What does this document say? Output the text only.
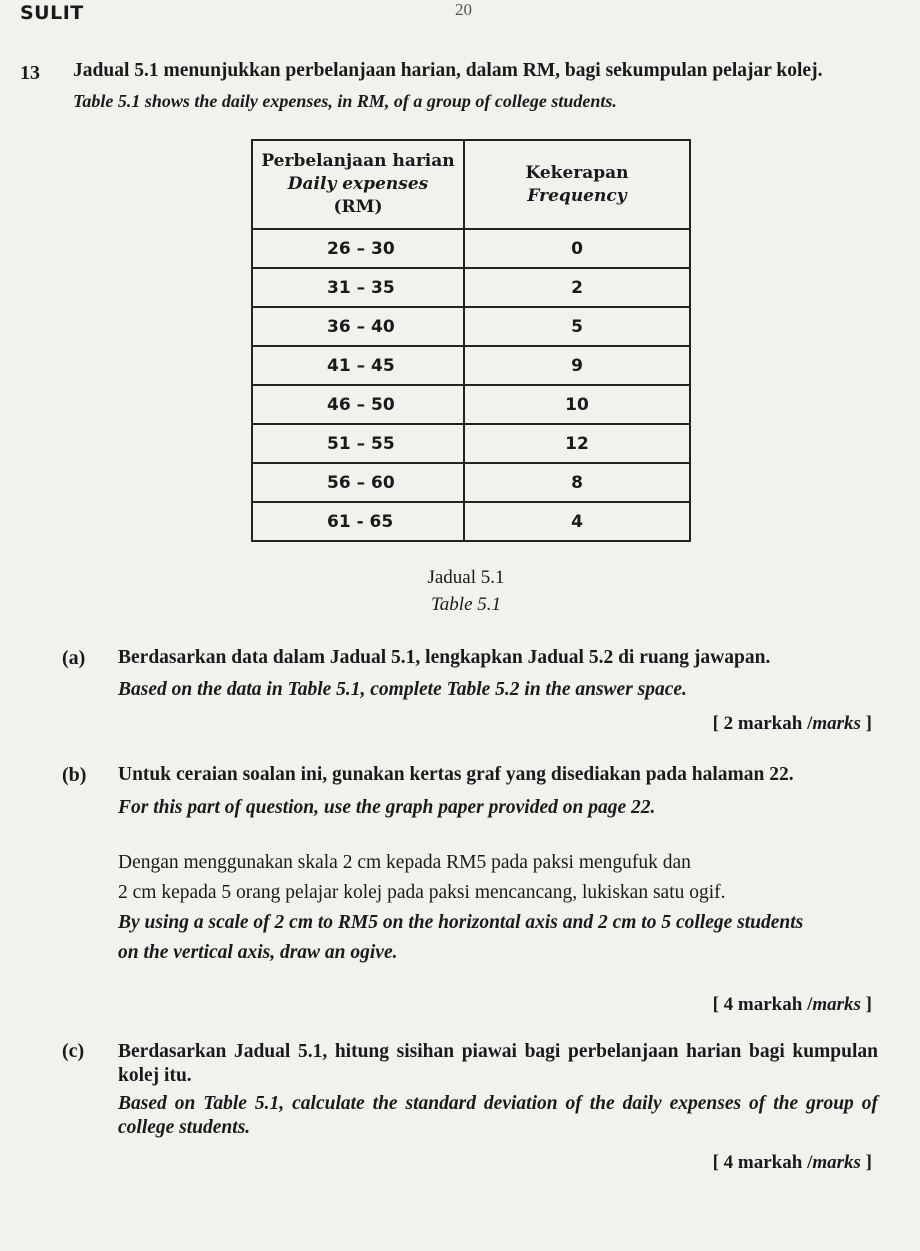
SULIT	20
13 Jadual 5.1 menunjukkan perbelanjaan harian, dalam RM, bagi sekumpulan pelajar kolej.
Table 5.1 shows the daily expenses, in RM, of a group of college students.
Perbelanjaan harian
Daily expenses
(RM)	Kekerapan
Frequency

26 – 30	0
31 – 35	2
36 – 40	5
41 – 45	9
46 – 50	10
51 – 55	12
56 – 60	8
61 - 65	4
Jadual 5.1
Table 5.1
(a) Berdasarkan data dalam Jadual 5.1, lengkapkan Jadual 5.2 di ruang jawapan.
Based on the data in Table 5.1, complete Table 5.2 in the answer space.
[ 2 markah /marks ]
(b) Untuk ceraian soalan ini, gunakan kertas graf yang disediakan pada halaman 22.
For this part of question, use the graph paper provided on page 22.
Dengan menggunakan skala 2 cm kepada RM5 pada paksi mengufuk dan
2 cm kepada 5 orang pelajar kolej pada paksi mencancang, lukiskan satu ogif.
By using a scale of 2 cm to RM5 on the horizontal axis and 2 cm to 5 college students
on the vertical axis, draw an ogive.
[ 4 markah /marks ]
(c) Berdasarkan Jadual 5.1, hitung sisihan piawai bagi perbelanjaan harian bagi kumpulan kolej itu.
Based on Table 5.1, calculate the standard deviation of the daily expenses of the group of college students.
[ 4 markah /marks ]
